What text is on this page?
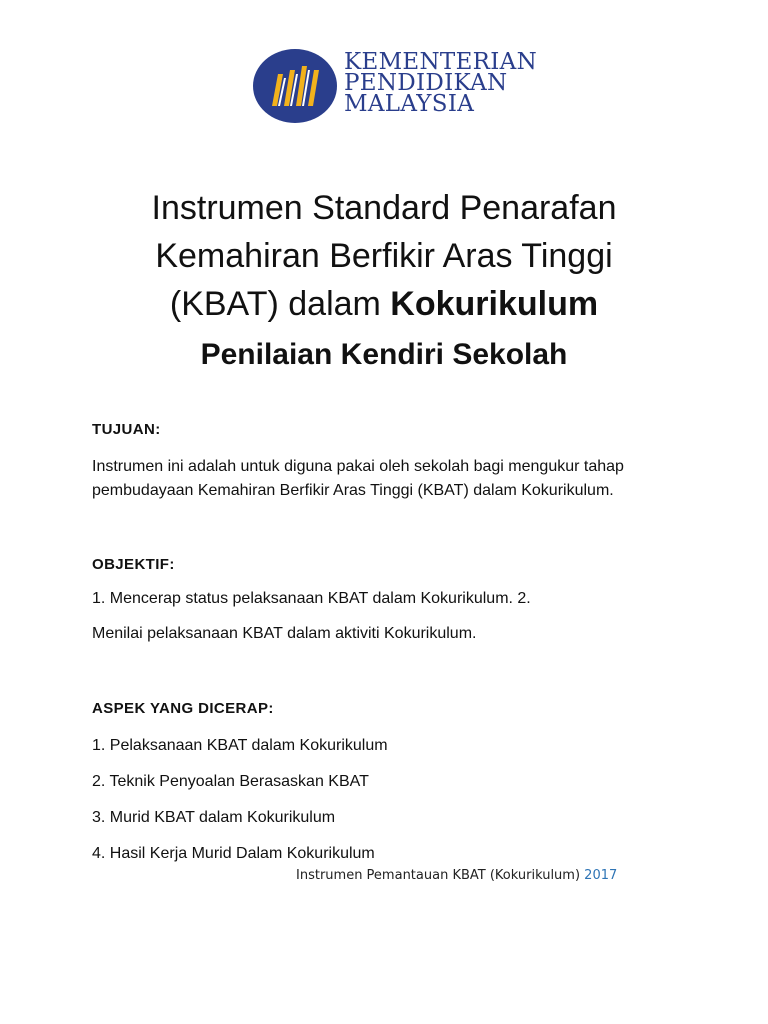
KEMENTERIAN
PENDIDIKAN
MALAYSIA
Instrumen Standard Penarafan
Kemahiran Berfikir Aras Tinggi
(KBAT) dalam Kokurikulum
Penilaian Kendiri Sekolah
TUJUAN:
Instrumen ini adalah untuk diguna pakai oleh sekolah bagi mengukur tahap
pembudayaan Kemahiran Berfikir Aras Tinggi (KBAT) dalam Kokurikulum.
OBJEKTIF:
1. Mencerap status pelaksanaan KBAT dalam Kokurikulum. 2.
Menilai pelaksanaan KBAT dalam aktiviti Kokurikulum.
ASPEK YANG DICERAP:
1. Pelaksanaan KBAT dalam Kokurikulum
2. Teknik Penyoalan Berasaskan KBAT
3. Murid KBAT dalam Kokurikulum
4. Hasil Kerja Murid Dalam Kokurikulum
Instrumen Pemantauan KBAT (Kokurikulum) 2017
